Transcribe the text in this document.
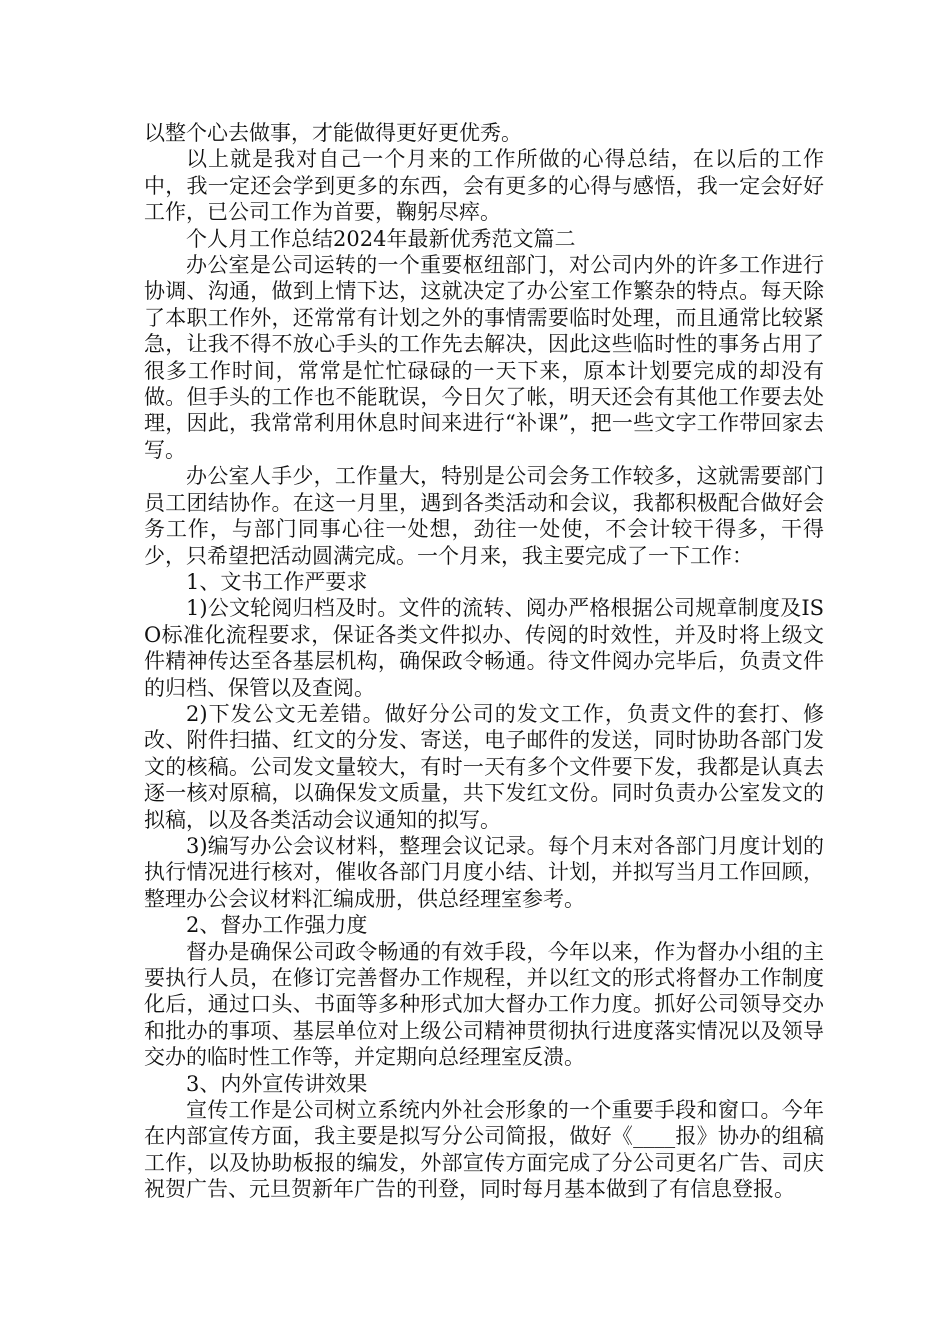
以整个心去做事，才能做得更好更优秀。

以上就是我对自己一个月来的工作所做的心得总结，在以后的工作中，我一定还会学到更多的东西，会有更多的心得与感悟，我一定会好好工作，已公司工作为首要，鞠躬尽瘁。

个人月工作总结2024年最新优秀范文篇二

办公室是公司运转的一个重要枢纽部门，对公司内外的许多工作进行协调、沟通，做到上情下达，这就决定了办公室工作繁杂的特点。每天除了本职工作外，还常常有计划之外的事情需要临时处理，而且通常比较紧急，让我不得不放心手头的工作先去解决，因此这些临时性的事务占用了很多工作时间，常常是忙忙碌碌的一天下来，原本计划要完成的却没有做。但手头的工作也不能耽误，今日欠了帐，明天还会有其他工作要去处理，因此，我常常利用休息时间来进行“补课”，把一些文字工作带回家去写。

办公室人手少，工作量大，特别是公司会务工作较多，这就需要部门员工团结协作。在这一月里，遇到各类活动和会议，我都积极配合做好会务工作，与部门同事心往一处想，劲往一处使，不会计较干得多，干得少，只希望把活动圆满完成。一个月来，我主要完成了一下工作：

1、文书工作严要求

1)公文轮阅归档及时。文件的流转、阅办严格根据公司规章制度及ISO标准化流程要求，保证各类文件拟办、传阅的时效性，并及时将上级文件精神传达至各基层机构，确保政令畅通。待文件阅办完毕后，负责文件的归档、保管以及查阅。

2)下发公文无差错。做好分公司的发文工作，负责文件的套打、修改、附件扫描、红文的分发、寄送，电子邮件的发送，同时协助各部门发文的核稿。公司发文量较大，有时一天有多个文件要下发，我都是认真去逐一核对原稿，以确保发文质量，共下发红文份。同时负责办公室发文的拟稿，以及各类活动会议通知的拟写。

3)编写办公会议材料，整理会议记录。每个月末对各部门月度计划的执行情况进行核对，催收各部门月度小结、计划，并拟写当月工作回顾，整理办公会议材料汇编成册，供总经理室参考。

2、督办工作强力度

督办是确保公司政令畅通的有效手段，今年以来，作为督办小组的主要执行人员，在修订完善督办工作规程，并以红文的形式将督办工作制度化后，通过口头、书面等多种形式加大督办工作力度。抓好公司领导交办和批办的事项、基层单位对上级公司精神贯彻执行进度落实情况以及领导交办的临时性工作等，并定期向总经理室反溃。

3、内外宣传讲效果

宣传工作是公司树立系统内外社会形象的一个重要手段和窗口。今年在内部宣传方面，我主要是拟写分公司简报，做好《____报》协办的组稿工作，以及协助板报的编发，外部宣传方面完成了分公司更名广告、司庆祝贺广告、元旦贺新年广告的刊登，同时每月基本做到了有信息登报。
